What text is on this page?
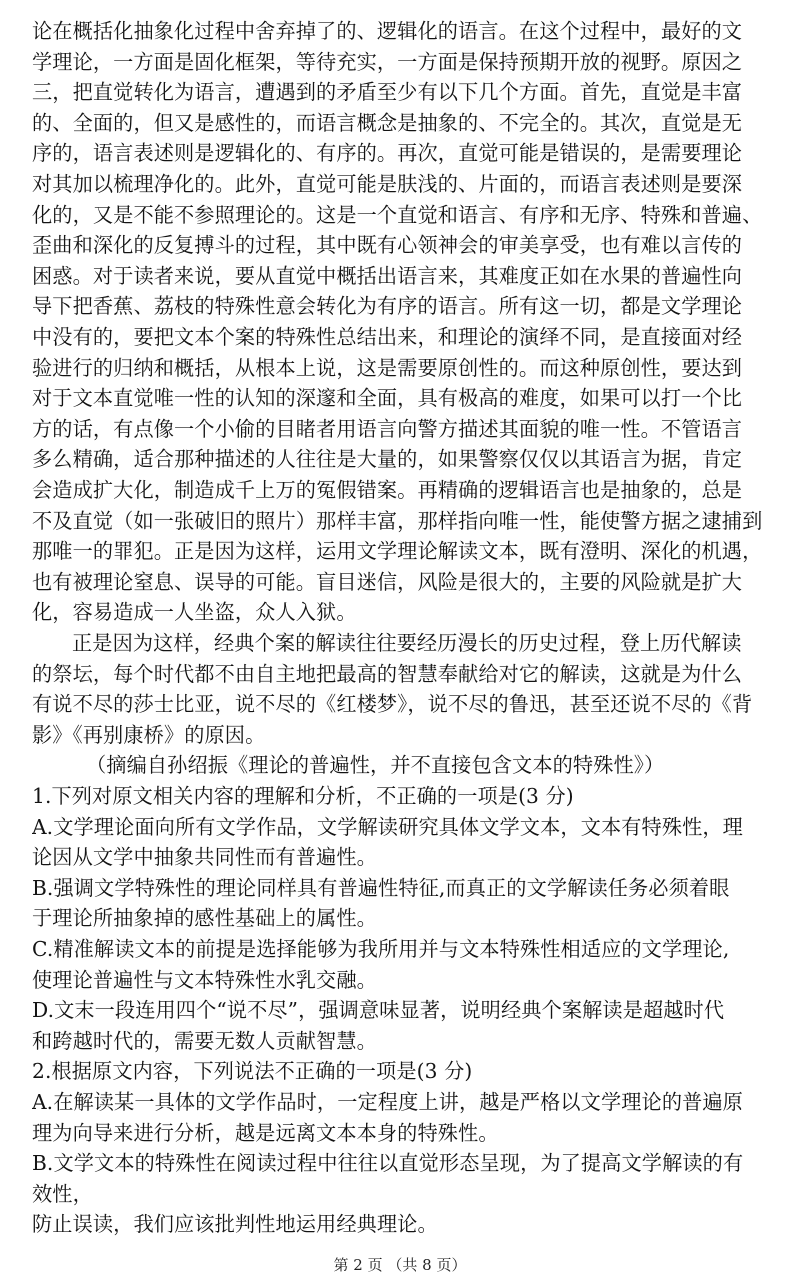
论在概括化抽象化过程中舍弃掉了的、逻辑化的语言。在这个过程中，最好的文
学理论，一方面是固化框架，等待充实，一方面是保持预期开放的视野。原因之
三，把直觉转化为语言，遭遇到的矛盾至少有以下几个方面。首先，直觉是丰富
的、全面的，但又是感性的，而语言概念是抽象的、不完全的。其次，直觉是无
序的，语言表述则是逻辑化的、有序的。再次，直觉可能是错误的，是需要理论
对其加以梳理净化的。此外，直觉可能是肤浅的、片面的，而语言表述则是要深
化的，又是不能不参照理论的。这是一个直觉和语言、有序和无序、特殊和普遍、
歪曲和深化的反复搏斗的过程，其中既有心领神会的审美享受，也有难以言传的
困惑。对于读者来说，要从直觉中概括出语言来，其难度正如在水果的普遍性向
导下把香蕉、荔枝的特殊性意会转化为有序的语言。所有这一切，都是文学理论
中没有的，要把文本个案的特殊性总结出来，和理论的演绎不同，是直接面对经
验进行的归纳和概括，从根本上说，这是需要原创性的。而这种原创性，要达到
对于文本直觉唯一性的认知的深邃和全面，具有极高的难度，如果可以打一个比
方的话，有点像一个小偷的目睹者用语言向警方描述其面貌的唯一性。不管语言
多么精确，适合那种描述的人往往是大量的，如果警察仅仅以其语言为据，肯定
会造成扩大化，制造成千上万的冤假错案。再精确的逻辑语言也是抽象的，总是
不及直觉（如一张破旧的照片）那样丰富，那样指向唯一性，能使警方据之逮捕到
那唯一的罪犯。正是因为这样，运用文学理论解读文本，既有澄明、深化的机遇，
也有被理论窒息、误导的可能。盲目迷信，风险是很大的，主要的风险就是扩大
化，容易造成一人坐盗，众人入狱。
正是因为这样，经典个案的解读往往要经历漫长的历史过程，登上历代解读
的祭坛，每个时代都不由自主地把最高的智慧奉献给对它的解读，这就是为什么
有说不尽的莎士比亚，说不尽的《红楼梦》，说不尽的鲁迅，甚至还说不尽的《背
影》《再别康桥》的原因。
（摘编自孙绍振《理论的普遍性，并不直接包含文本的特殊性》）
1.下列对原文相关内容的理解和分析，不正确的一项是(3 分)
A.文学理论面向所有文学作品，文学解读研究具体文学文本，文本有特殊性，理
论因从文学中抽象共同性而有普遍性。
B.强调文学特殊性的理论同样具有普遍性特征,而真正的文学解读任务必须着眼
于理论所抽象掉的感性基础上的属性。
C.精准解读文本的前提是选择能够为我所用并与文本特殊性相适应的文学理论,
使理论普遍性与文本特殊性水乳交融。
D.文末一段连用四个“说不尽”，强调意味显著，说明经典个案解读是超越时代
和跨越时代的，需要无数人贡献智慧。
2.根据原文内容，下列说法不正确的一项是(3 分)
A.在解读某一具体的文学作品时，一定程度上讲，越是严格以文学理论的普遍原
理为向导来进行分析，越是远离文本本身的特殊性。
B.文学文本的特殊性在阅读过程中往往以直觉形态呈现，为了提高文学解读的有
效性，
防止误读，我们应该批判性地运用经典理论。
第 2 页 （共 8 页）
